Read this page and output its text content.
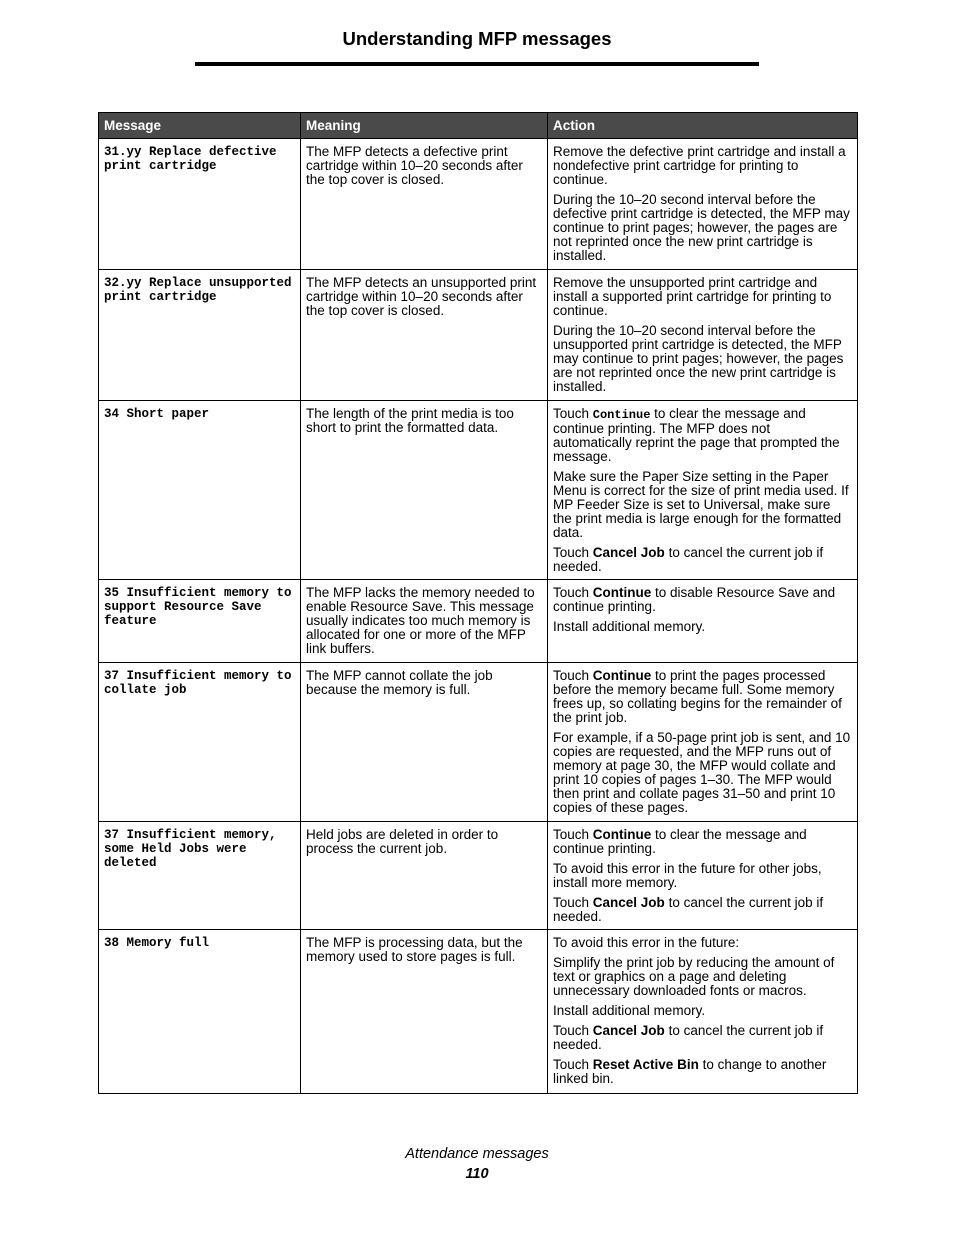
Understanding MFP messages
Message	Meaning	Action
31.yy Replace defective print cartridge	The MFP detects a defective print cartridge within 10–20 seconds after the top cover is closed.	Remove the defective print cartridge and install a nondefective print cartridge for printing to continue.

During the 10–20 second interval before the defective print cartridge is detected, the MFP may continue to print pages; however, the pages are not reprinted once the new print cartridge is installed.

32.yy Replace unsupported print cartridge	The MFP detects an unsupported print cartridge within 10–20 seconds after the top cover is closed.	Remove the unsupported print cartridge and install a supported print cartridge for printing to continue.

During the 10–20 second interval before the unsupported print cartridge is detected, the MFP may continue to print pages; however, the pages are not reprinted once the new print cartridge is installed.

34 Short paper	The length of the print media is too short to print the formatted data.	Touch Continue to clear the message and continue printing. The MFP does not automatically reprint the page that prompted the message.

Make sure the Paper Size setting in the Paper Menu is correct for the size of print media used. If MP Feeder Size is set to Universal, make sure the print media is large enough for the formatted data.

Touch Cancel Job to cancel the current job if needed.

35 Insufficient memory to support Resource Save feature	The MFP lacks the memory needed to enable Resource Save. This message usually indicates too much memory is allocated for one or more of the MFP link buffers.	Touch Continue to disable Resource Save and continue printing.

Install additional memory.

37 Insufficient memory to collate job	The MFP cannot collate the job because the memory is full.	Touch Continue to print the pages processed before the memory became full. Some memory frees up, so collating begins for the remainder of the print job.

For example, if a 50-page print job is sent, and 10 copies are requested, and the MFP runs out of memory at page 30, the MFP would collate and print 10 copies of pages 1–30. The MFP would then print and collate pages 31–50 and print 10 copies of these pages.

37 Insufficient memory, some Held Jobs were deleted	Held jobs are deleted in order to process the current job.	Touch Continue to clear the message and continue printing.

To avoid this error in the future for other jobs, install more memory.

Touch Cancel Job to cancel the current job if needed.

38 Memory full	The MFP is processing data, but the memory used to store pages is full.	To avoid this error in the future:

Simplify the print job by reducing the amount of text or graphics on a page and deleting unnecessary downloaded fonts or macros.

Install additional memory.

Touch Cancel Job to cancel the current job if needed.

Touch Reset Active Bin to change to another linked bin.

Attendance messages
110
